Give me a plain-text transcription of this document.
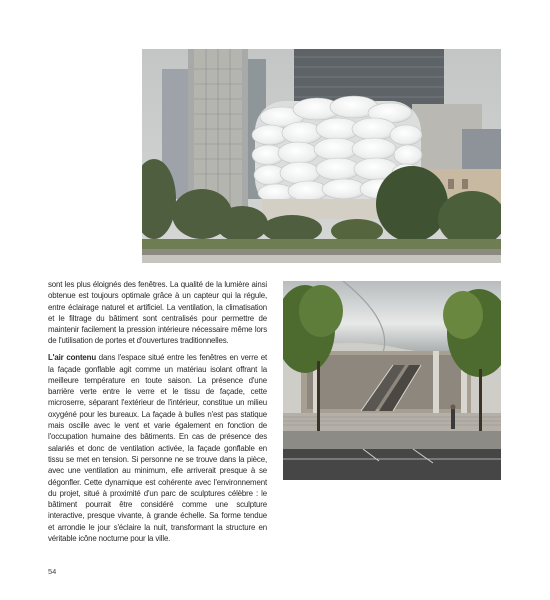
sont les plus éloignés des fenêtres. La qualité de la lumière ainsi obtenue est toujours optimale grâce à un capteur qui la régule, entre éclairage naturel et artificiel. La ventilation, la climatisation et le filtrage du bâtiment sont centralisés pour permettre de maintenir facilement la pression intérieure nécessaire même lors de l'utilisation de portes et d'ouvertures traditionnelles.

L'air contenu dans l'espace situé entre les fenêtres en verre et la façade gonflable agit comme un matériau isolant offrant la meilleure température en toute saison. La présence d'une barrière verte entre le verre et le tissu de façade, cette microserre, séparant l'extérieur de l'intérieur, constitue un milieu oxygéné pour les bureaux. La façade à bulles n'est pas statique mais oscille avec le vent et varie également en fonction de l'occupation humaine des bâtiments. En cas de présence des salariés et donc de ventilation activée, la façade gonflable en tissu se met en tension. Si personne ne se trouve dans la pièce, avec une ventilation au minimum, elle arriverait presque à se dégonfler. Cette dynamique est cohérente avec l'environnement du projet, situé à proximité d'un parc de sculptures célèbre : le bâtiment pourrait être considéré comme une sculpture interactive, presque vivante, à grande échelle. Sa forme tendue et arrondie le jour s'éclaire la nuit, transformant la structure en véritable icône nocturne pour la ville.

54
